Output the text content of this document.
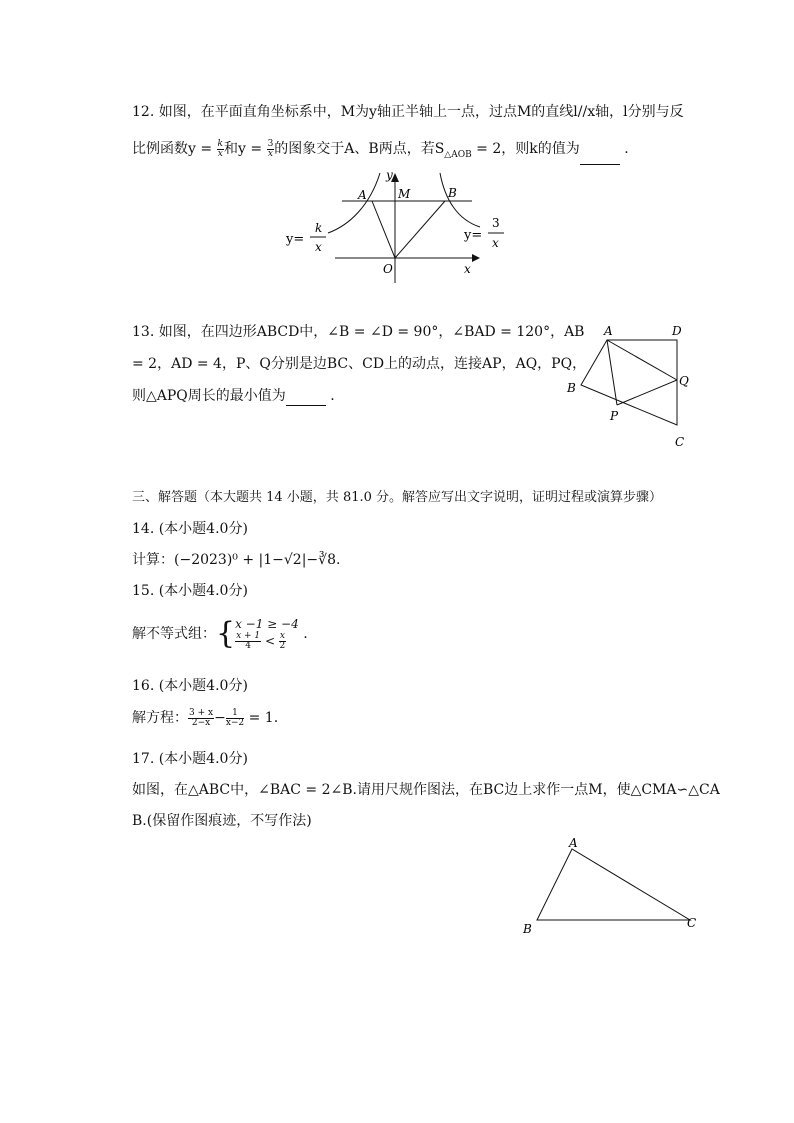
12. 如图，在平面直角坐标系中，M为y轴正半轴上一点，过点M的直线l//x轴，l分别与反
比例函数$y = \frac{k}{x}$ 和$y = \frac{3}{x}$ 的图象交于A、B两点，若$S_{\triangle AOB} = 2$，则k的值为	.
y
A	M	B
O	x
y=
k
x
y=
3
x
13. 如图，在四边形ABCD中，∠B = ∠D = 90°，∠BAD = 120°，AB
= 2，AD = 4，P、Q分别是边BC、CD上的动点，连接AP，AQ，PQ，
则△APQ周长的最小值为	.
A	D
Q
B
P
C
三、解答题（本大题共 14 小题，共 81.0 分。解答应写出文字说明，证明过程或演算步骤）
14. (本小题4.0分)
计算：(−2023)⁰ + |1−√2|−∛8.
15. (本小题4.0分)
解不等式组：{ x −1 ≥ −4
$\frac{x + 1}{4} < \frac{x}{2}$ .
16. (本小题4.0分)
解方程： $\frac{3 + x}{2-x} - \frac{1}{x-2} = 1$.
17. (本小题4.0分)
如图，在△ABC中，∠BAC = 2∠B.请用尺规作图法，在BC边上求作一点M，使△CMA∽△CA
B.(保留作图痕迹，不写作法)
A
B	C
